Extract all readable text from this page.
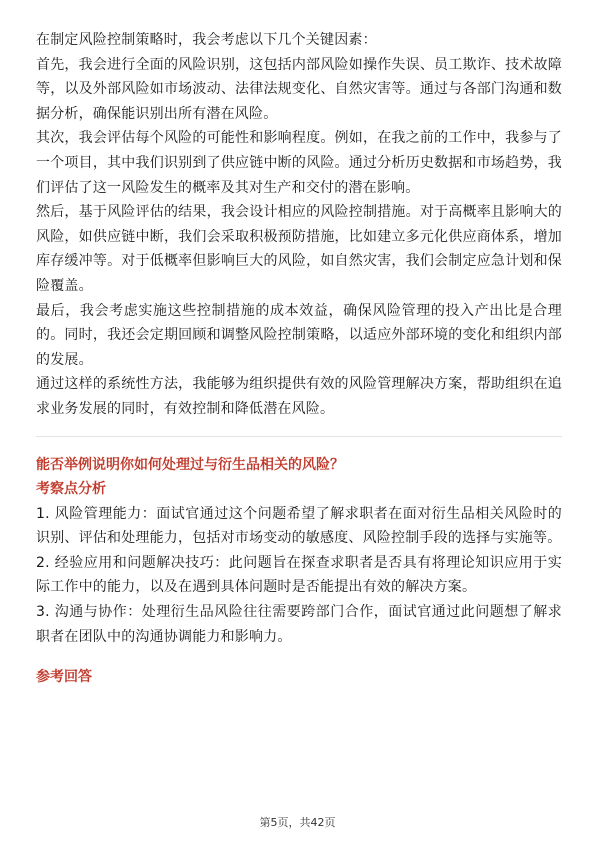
在制定风险控制策略时，我会考虑以下几个关键因素：

首先，我会进行全面的风险识别，这包括内部风险如操作失误、员工欺诈、技术故障等，以及外部风险如市场波动、法律法规变化、自然灾害等。通过与各部门沟通和数据分析，确保能识别出所有潜在风险。

其次，我会评估每个风险的可能性和影响程度。例如，在我之前的工作中，我参与了一个项目，其中我们识别到了供应链中断的风险。通过分析历史数据和市场趋势，我们评估了这一风险发生的概率及其对生产和交付的潜在影响。

然后，基于风险评估的结果，我会设计相应的风险控制措施。对于高概率且影响大的风险，如供应链中断，我们会采取积极预防措施，比如建立多元化供应商体系，增加库存缓冲等。对于低概率但影响巨大的风险，如自然灾害，我们会制定应急计划和保险覆盖。

最后，我会考虑实施这些控制措施的成本效益，确保风险管理的投入产出比是合理的。同时，我还会定期回顾和调整风险控制策略，以适应外部环境的变化和组织内部的发展。

通过这样的系统性方法，我能够为组织提供有效的风险管理解决方案，帮助组织在追求业务发展的同时，有效控制和降低潜在风险。

能否举例说明你如何处理过与衍生品相关的风险？

考察点分析

1. 风险管理能力：面试官通过这个问题希望了解求职者在面对衍生品相关风险时的识别、评估和处理能力，包括对市场变动的敏感度、风险控制手段的选择与实施等。

2. 经验应用和问题解决技巧：此问题旨在探查求职者是否具有将理论知识应用于实际工作中的能力，以及在遇到具体问题时是否能提出有效的解决方案。

3. 沟通与协作：处理衍生品风险往往需要跨部门合作，面试官通过此问题想了解求职者在团队中的沟通协调能力和影响力。

参考回答

第5页，共42页
